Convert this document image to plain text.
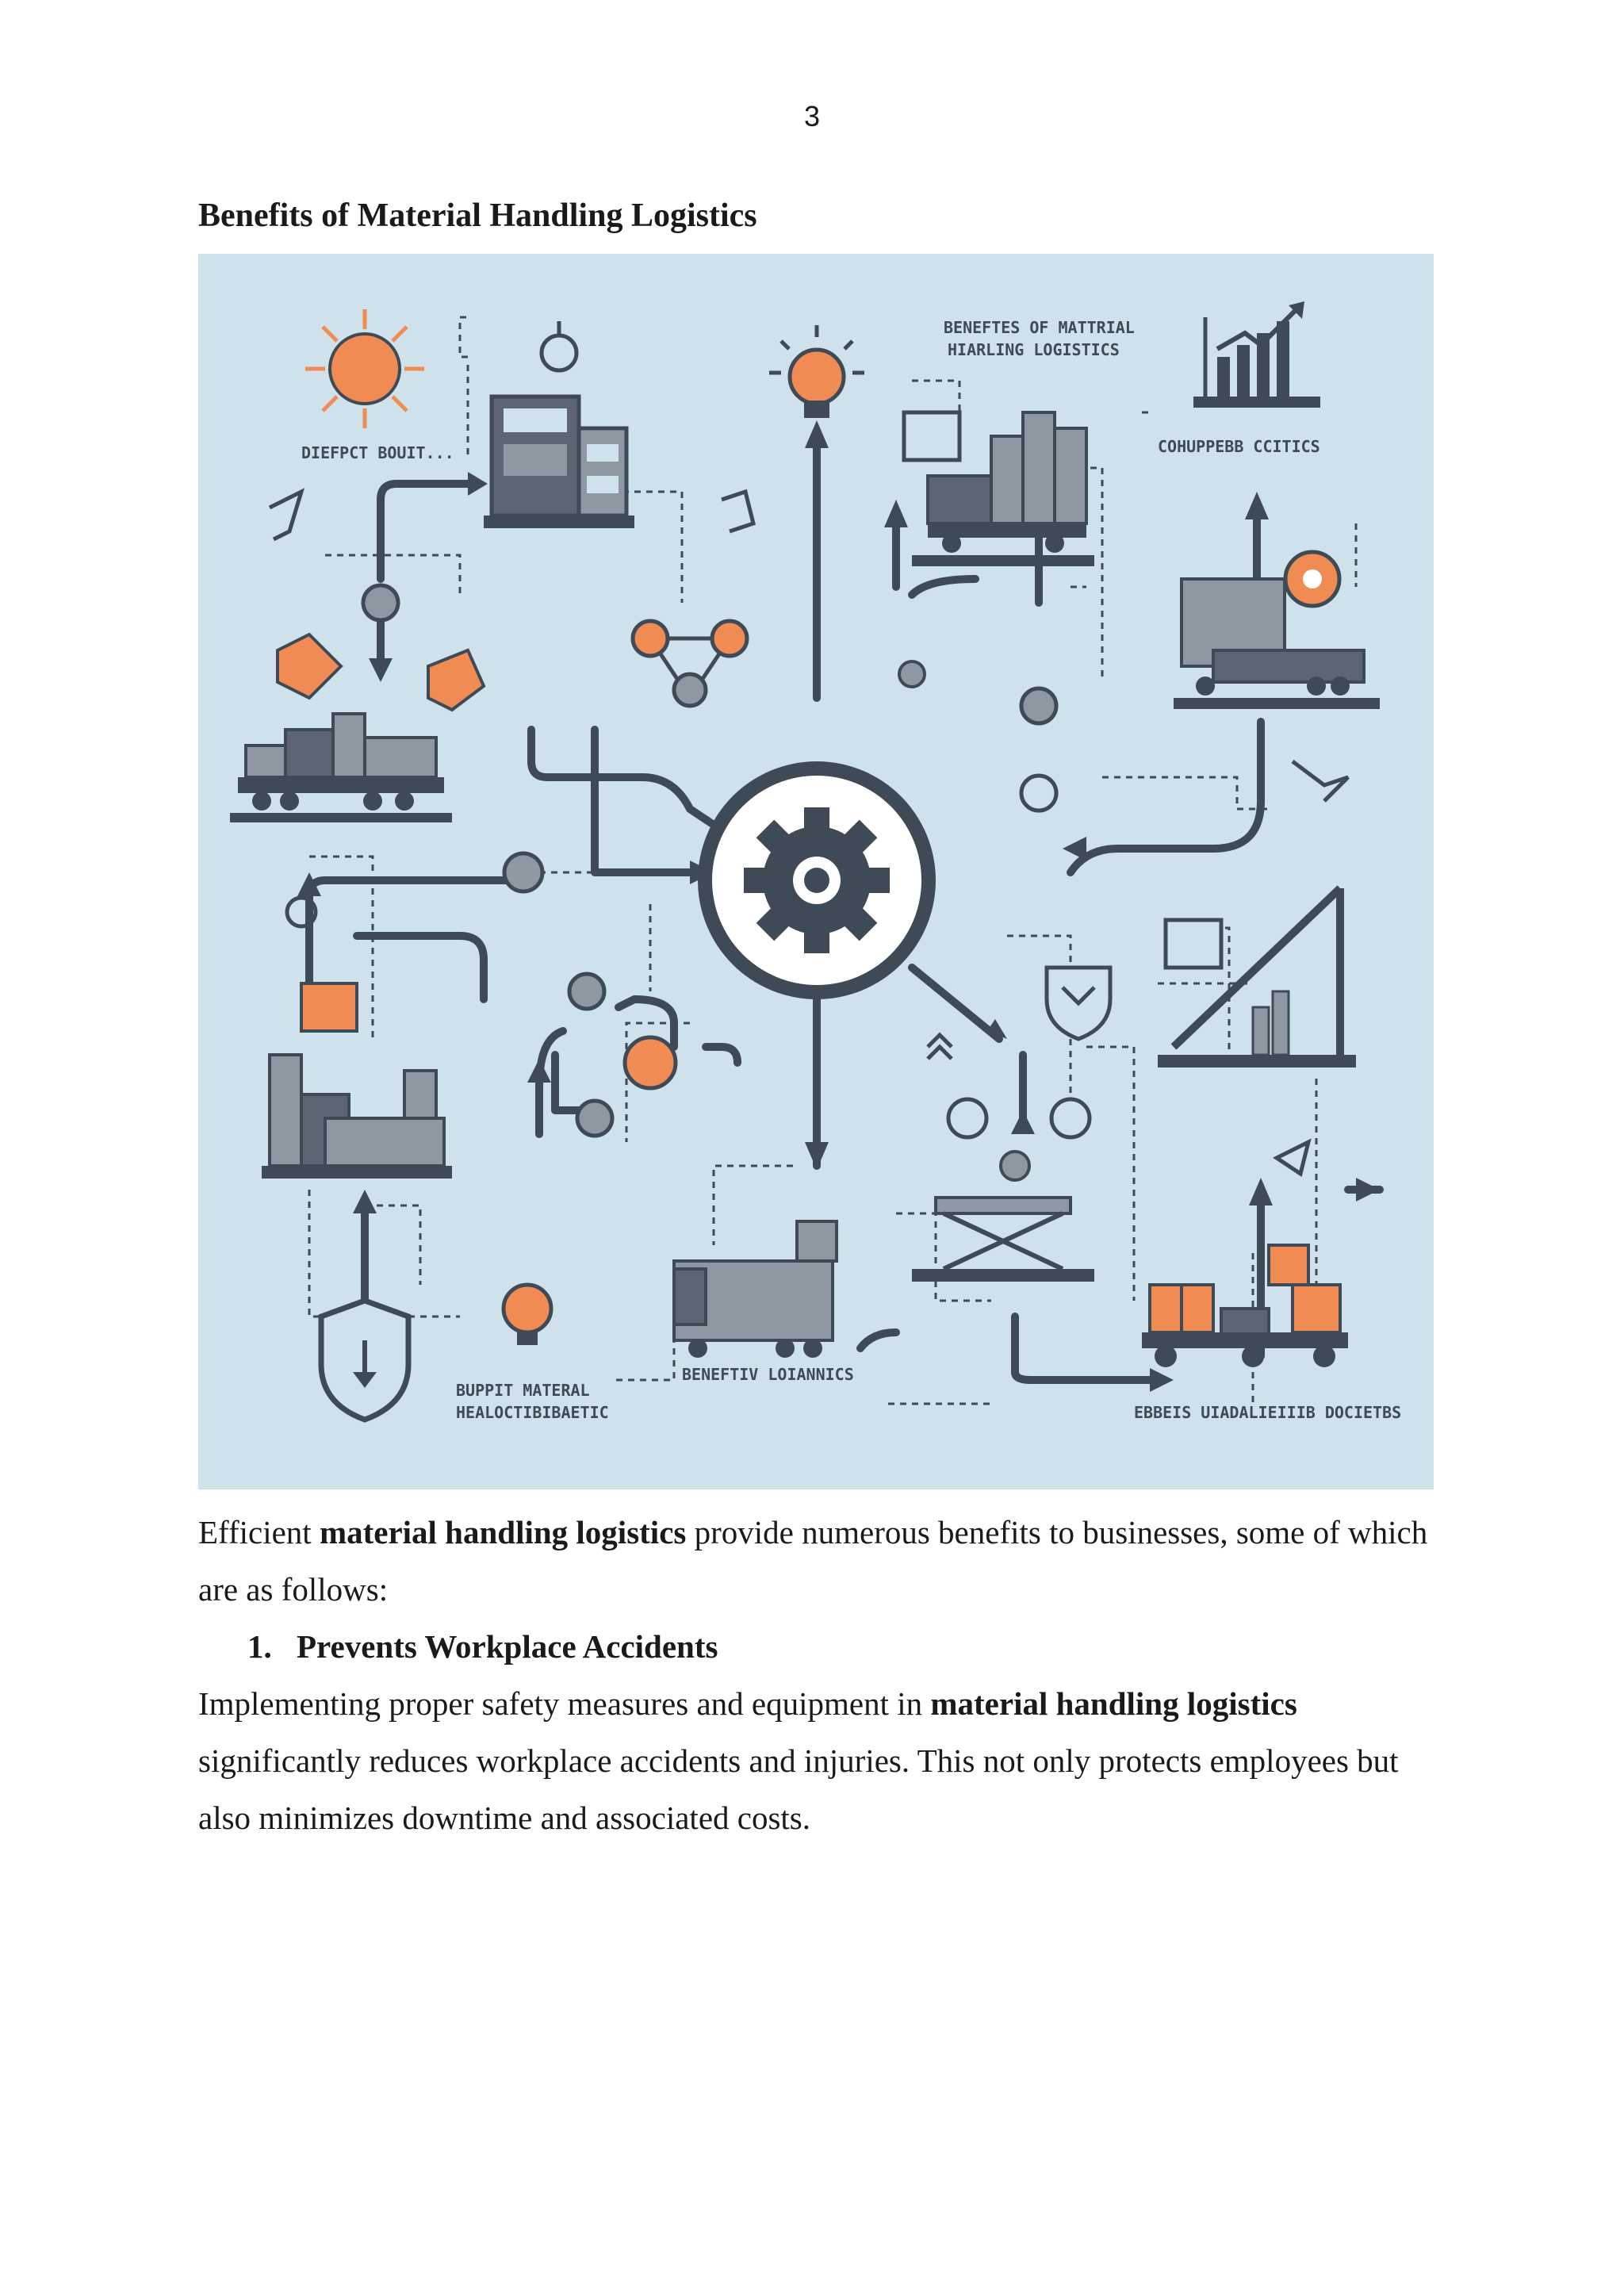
3
Benefits of Material Handling Logistics
BENEFTES OF MATTRIAL
HIARLING LOGISTICS
DIEFPCT BOUIT...	COHUPPEBB CCITICS
BUPPIT MATERAL
HEALOCTIBIBAETIC
BENEFTIV LOIANNICS
EBBEIS UIADALIEIIIB DOCIETBS
Efficient material handling logistics provide numerous benefits to businesses, some of which are as follows:
1. Prevents Workplace Accidents
Implementing proper safety measures and equipment in material handling logistics significantly reduces workplace accidents and injuries. This not only protects employees but also minimizes downtime and associated costs.
